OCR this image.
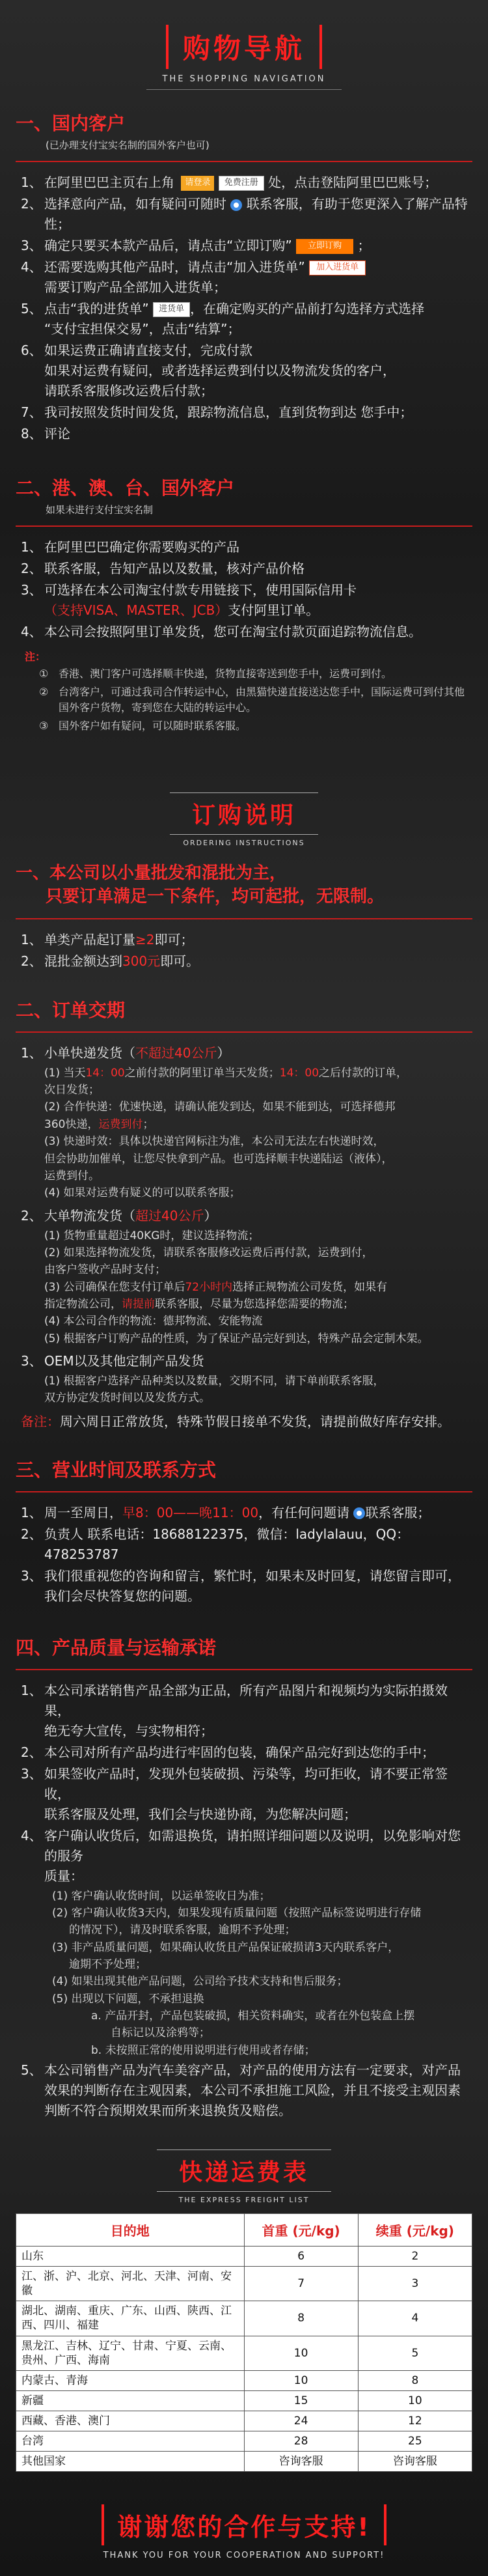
购物导航
THE SHOPPING NAVIGATION
一、国内客户
(已办理支付宝实名制的国外客户也可)
1、 在阿里巴巴主页右上角 请登录 免费注册 处，点击登陆阿里巴巴账号；
2、 选择意向产品，如有疑问可随时 联系客服，有助于您更深入了解产品特性；
3、 确定只要买本款产品后，请点击“立即订购” 立即订购 ；
4、 还需要选购其他产品时，请点击“加入进货单” 加入进货单
需要订购产品全部加入进货单；
5、 点击“我的进货单” 进货单 ，在确定购买的产品前打勾选择方式选择
“支付宝担保交易”，点击“结算”；
6、 如果运费正确请直接支付，完成付款
如果对运费有疑问，或者选择运费到付以及物流发货的客户，
请联系客服修改运费后付款；
7、 我司按照发货时间发货，跟踪物流信息，直到货物到达 您手中；
8、 评论
二、港、澳、台、国外客户
如果未进行支付宝实名制
1、 在阿里巴巴确定你需要购买的产品
2、 联系客服，告知产品以及数量，核对产品价格
3、 可选择在本公司淘宝付款专用链接下，使用国际信用卡
（支持VISA、MASTER、JCB）支付阿里订单。
4、 本公司会按照阿里订单发货，您可在淘宝付款页面追踪物流信息。
注：
① 香港、澳门客户可选择顺丰快递，货物直接寄送到您手中，运费可到付。
② 台湾客户，可通过我司合作转运中心，由黑猫快递直接送达您手中，国际运费可到付其他国外客户货物，寄到您在大陆的转运中心。
③ 国外客户如有疑问，可以随时联系客服。
订购说明
ORDERING INSTRUCTIONS
一、本公司以小量批发和混批为主，
只要订单满足一下条件，均可起批，无限制。
1、 单类产品起订量≥2即可；
2、 混批金额达到300元即可。
二、订单交期
1、 小单快递发货（不超过40公斤）
(1) 当天14：00之前付款的阿里订单当天发货；14：00之后付款的订单，
次日发货；
(2) 合作快递：优速快递，请确认能发到达，如果不能到达，可选择德邦
360快递，运费到付；
(3) 快递时效：具体以快递官网标注为准，本公司无法左右快递时效，
但会协助加催单，让您尽快拿到产品。也可选择顺丰快递陆运（液体），
运费到付。
(4) 如果对运费有疑义的可以联系客服；
2、 大单物流发货（超过40公斤）
(1) 货物重量超过40KG时，建议选择物流；
(2) 如果选择物流发货，请联系客服修改运费后再付款，运费到付，
由客户签收产品时支付；
(3) 公司确保在您支付订单后72小时内选择正规物流公司发货，如果有
指定物流公司，请提前联系客服，尽量为您选择您需要的物流；
(4) 本公司合作的物流：德邦物流、安能物流
(5) 根据客户订购产品的性质，为了保证产品完好到达，特殊产品会定制木架。
3、 OEM以及其他定制产品发货
(1) 根据客户选择产品种类以及数量，交期不同，请下单前联系客服，
双方协定发货时间以及发货方式。
备注：周六周日正常放货，特殊节假日接单不发货，请提前做好库存安排。
三、营业时间及联系方式
1、 周一至周日，早8：00——晚11：00，有任何问题请 联系客服；
2、 负责人 联系电话：18688122375，微信：ladylalauu，QQ：478253787
3、 我们很重视您的咨询和留言，繁忙时，如果未及时回复，请您留言即可，
我们会尽快答复您的问题。
四、产品质量与运输承诺
1、 本公司承诺销售产品全部为正品，所有产品图片和视频均为实际拍摄效果，
绝无夸大宣传，与实物相符；
2、 本公司对所有产品均进行牢固的包装，确保产品完好到达您的手中；
3、 如果签收产品时，发现外包装破损、污染等，均可拒收，请不要正常签收，
联系客服及处理，我们会与快递协商，为您解决问题；
4、 客户确认收货后，如需退换货，请拍照详细问题以及说明，以免影响对您的服务
质量：
(1) 客户确认收货时间，以运单签收日为准；
(2) 客户确认收货3天内，如果发现有质量问题（按照产品标签说明进行存储
的情况下），请及时联系客服，逾期不予处理；
(3) 非产品质量问题，如果确认收货且产品保证破损请3天内联系客户，
逾期不予处理；
(4) 如果出现其他产品问题，公司给予技术支持和售后服务；
(5) 出现以下问题，不承担退换
a. 产品开封，产品包装破损，相关资料确实，或者在外包装盒上摆
自标记以及涂鸦等；
b. 未按照正常的使用说明进行使用或者存储；
5、 本公司销售产品为汽车美容产品，对产品的使用方法有一定要求，对产品
效果的判断存在主观因素，本公司不承担施工风险，并且不接受主观因素
判断不符合预期效果而所来退换货及赔偿。
快递运费表
THE EXPRESS FREIGHT LIST
目的地	首重 (元/kg)	续重 (元/kg)
山东	6	2
江、浙、沪、北京、河北、天津、河南、安徽	7	3
湖北、湖南、重庆、广东、山西、陕西、江西、四川、福建	8	4
黑龙江、吉林、辽宁、甘肃、宁夏、云南、贵州、广西、海南	10	5
内蒙古、青海	10	8
新疆	15	10
西藏、香港、澳门	24	12
台湾	28	25
其他国家	咨询客服	咨询客服
谢谢您的合作与支持!
THANK YOU FOR YOUR COOPERATION AND SUPPORT!
